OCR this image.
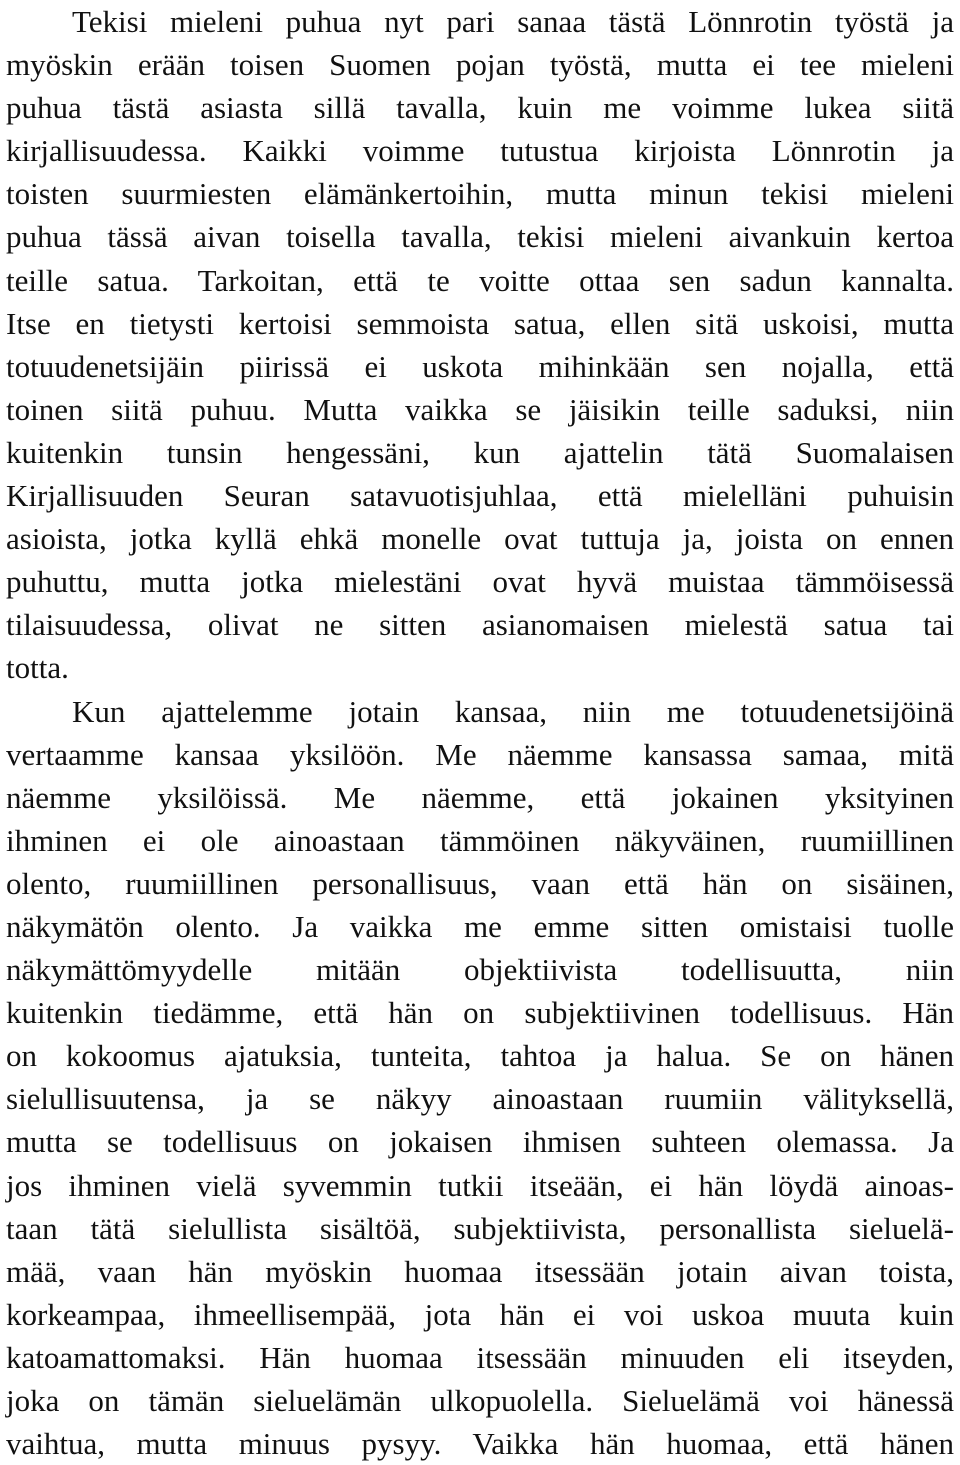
Tekisi mieleni puhua nyt pari sanaa tästä Lönnrotin työstä ja
myöskin erään toisen Suomen pojan työstä, mutta ei tee mieleni
puhua tästä asiasta sillä tavalla, kuin me voimme lukea siitä
kirjallisuudessa. Kaikki voimme tutustua kirjoista Lönnrotin ja
toisten suurmiesten elämänkertoihin, mutta minun tekisi mieleni
puhua tässä aivan toisella tavalla, tekisi mieleni aivankuin kertoa
teille satua. Tarkoitan, että te voitte ottaa sen sadun kannalta.
Itse en tietysti kertoisi semmoista satua, ellen sitä uskoisi, mutta
totuudenetsijäin piirissä ei uskota mihinkään sen nojalla, että
toinen siitä puhuu. Mutta vaikka se jäisikin teille saduksi, niin
kuitenkin tunsin hengessäni, kun ajattelin tätä Suomalaisen
Kirjallisuuden Seuran satavuotisjuhlaa, että mielelläni puhuisin
asioista, jotka kyllä ehkä monelle ovat tuttuja ja, joista on ennen
puhuttu, mutta jotka mielestäni ovat hyvä muistaa tämmöisessä
tilaisuudessa, olivat ne sitten asianomaisen mielestä satua tai
totta.
Kun ajattelemme jotain kansaa, niin me totuudenetsijöinä
vertaamme kansaa yksilöön. Me näemme kansassa samaa, mitä
näemme yksilöissä. Me näemme, että jokainen yksityinen
ihminen ei ole ainoastaan tämmöinen näkyväinen, ruumiillinen
olento, ruumiillinen personallisuus, vaan että hän on sisäinen,
näkymätön olento. Ja vaikka me emme sitten omistaisi tuolle
näkymättömyydelle mitään objektiivista todellisuutta, niin
kuitenkin tiedämme, että hän on subjektiivinen todellisuus. Hän
on kokoomus ajatuksia, tunteita, tahtoa ja halua. Se on hänen
sielullisuutensa, ja se näkyy ainoastaan ruumiin välityksellä,
mutta se todellisuus on jokaisen ihmisen suhteen olemassa. Ja
jos ihminen vielä syvemmin tutkii itseään, ei hän löydä ainoas-
taan tätä sielullista sisältöä, subjektiivista, personallista sieluelä-
mää, vaan hän myöskin huomaa itsessään jotain aivan toista,
korkeampaa, ihmeellisempää, jota hän ei voi uskoa muuta kuin
katoamattomaksi. Hän huomaa itsessään minuuden eli itseyden,
joka on tämän sieluelämän ulkopuolella. Sieluelämä voi hänessä
vaihtua, mutta minuus pysyy. Vaikka hän huomaa, että hänen
